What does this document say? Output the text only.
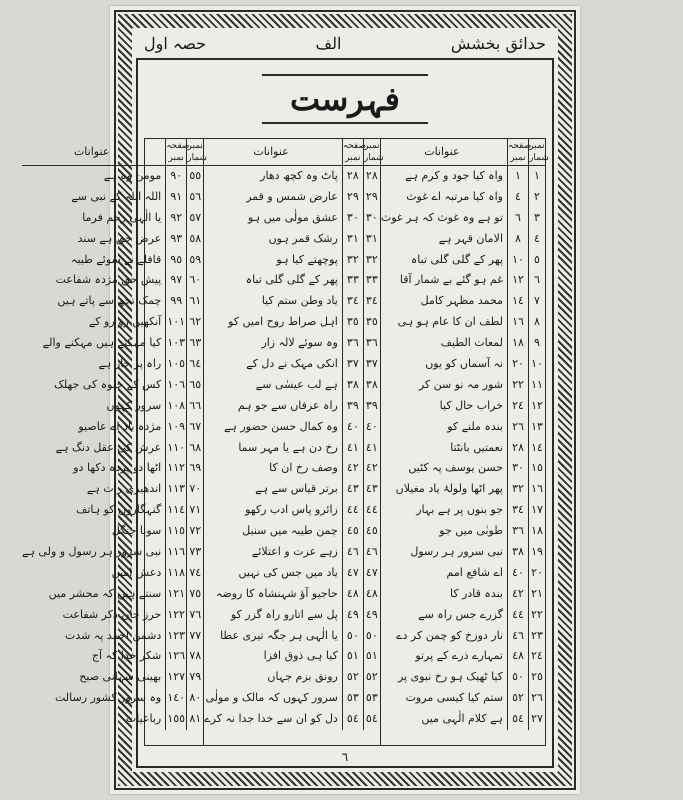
حدائق بخشش
الف
حصہ اول
فہرست
نمبر شمار
صفحہ نمبر
عنوانات
١
١
واہ کیا جود و کرم ہے
٢
٤
واہ کیا مرتبہ اے غوث
٣
٦
تو ہے وہ غوث کہ ہر غوث
٤
٨
الامان قہر ہے
٥
١٠
پھر کے گلی گلی تباہ
٦
١٢
غم ہو گئے بے شمار آقا
٧
١٤
محمد مظہر کامل
٨
١٦
لطف ان کا عام ہو ہی
٩
١٨
لمعات الطیف
١٠
٢٠
نہ آسماں کو یوں
١١
٢٢
شور مہ نو سن کر
١٢
٢٤
خراب حال کیا
١٣
٢٦
بندہ ملنے کو
١٤
٢٨
نعمتیں بانٹتا
١٥
٣٠
حسن یوسف پہ کٹیں
١٦
٣٢
پھر اٹھا ولولۂ یاد مغیلاں
١٧
٣٤
جو بنوں پر ہے بہار
١٨
٣٦
طوبٰی میں جو
١٩
٣٨
نبی سرور ہر رسول
٢٠
٤٠
اے شافع امم
٢١
٤٢
بندہ قادر کا
٢٢
٤٤
گزرے جس راہ سے
٢٣
٤٦
نار دوزخ کو چمن کر دے
٢٤
٤٨
تمہارے ذرے کے پرتو
٢٥
٥٠
کیا ٹھیک ہو رخ نبوی پر
٢٦
٥٢
ستم کیا کیسی مروت
٢٧
٥٤
ہے کلام الٰہی میں
نمبر شمار
صفحہ نمبر
عنوانات
٢٨
٢٨
پاٹ وہ کچھ دھار
٢٩
٢٩
عارض شمس و قمر
٣٠
٣٠
عشق مولٰی میں ہو
٣١
٣١
رشک قمر ہوں
٣٢
٣٢
پوچھتے کیا ہو
٣٣
٣٣
پھر کے گلی گلی تباہ
٣٤
٣٤
یاد وطن ستم کیا
٣٥
٣٥
اہل صراط روح امیں کو
٣٦
٣٦
وہ سوئے لالہ زار
٣٧
٣٧
انکی مہک نے دل کے
٣٨
٣٨
ہے لب عیسٰی سے
٣٩
٣٩
راہ عرفاں سے جو ہم
٤٠
٤٠
وہ کمال حسن حضور ہے
٤١
٤١
رخ دن ہے یا مہر سما
٤٢
٤٢
وصف رخ ان کا
٤٣
٤٣
برتر قیاس سے ہے
٤٤
٤٤
زائرو پاس ادب رکھو
٤٥
٤٥
چمن طیبہ میں سنبل
٤٦
٤٦
زہے عزت و اعتلائے
٤٧
٤٧
یاد میں جس کی نہیں
٤٨
٤٨
حاجیو آؤ شہنشاہ کا روضہ
٤٩
٤٩
پل سے اتارو راہ گزر کو
٥٠
٥٠
یا الٰہی ہر جگہ تیری عطا
٥١
٥١
کیا ہی ذوق افزا
٥٢
٥٢
رونق بزم جہاں
٥٣
٥٣
سرور کہوں کہ مالک و مولٰی
٥٤
٥٤
دل کو ان سے خدا جدا نہ کرے
نمبر شمار
صفحہ نمبر
عنوانات
٥٥
٩٠
مومن وہ ہے
٥٦
٩١
اللہ اللہ کے نبی سے
٥٧
٩٢
یا الٰہی رحم فرما
٥٨
٩٣
عرض حق ہے سند
٥٩
٩٥
قافلے نے سوئے طیبہ
٦٠
٩٧
پیش حق مژدہ شفاعت
٦١
٩٩
چمک تجھ سے پاتے ہیں
٦٢
١٠١
آنکھیں رو رو کے
٦٣
١٠٣
کیا مہکتے ہیں مہکنے والے
٦٤
١٠٥
راہ پر خار ہے
٦٥
١٠٦
کس کے جلوہ کی جھلک
٦٦
١٠٨
سرور کہوں
٦٧
١٠٩
مژدہ باد اے عاصیو
٦٨
١١٠
عرش کی عقل دنگ ہے
٦٩
١١٢
اٹھا دو پردہ دکھا دو
٧٠
١١٣
اندھیری رات ہے
٧١
١١٤
گنہگاروں کو ہاتف
٧٢
١١٥
سونا جنگل
٧٣
١١٦
نبی سرور ہر رسول و ولی ہے
٧٤
١١٨
دعش امین
٧٥
١٢١
سنتے ہیں کہ محشر میں
٧٦
١٢٢
حرز جاں ذکر شفاعت
٧٧
١٢٣
دشمن احمد پہ شدت
٧٨
١٢٦
شکر خدا کہ آج
٧٩
١٢٧
بھینی سہانی صبح
٨٠
١٤٠
وہ سرور کشور رسالت
٨١
١٥٥
رباعیات
٦
